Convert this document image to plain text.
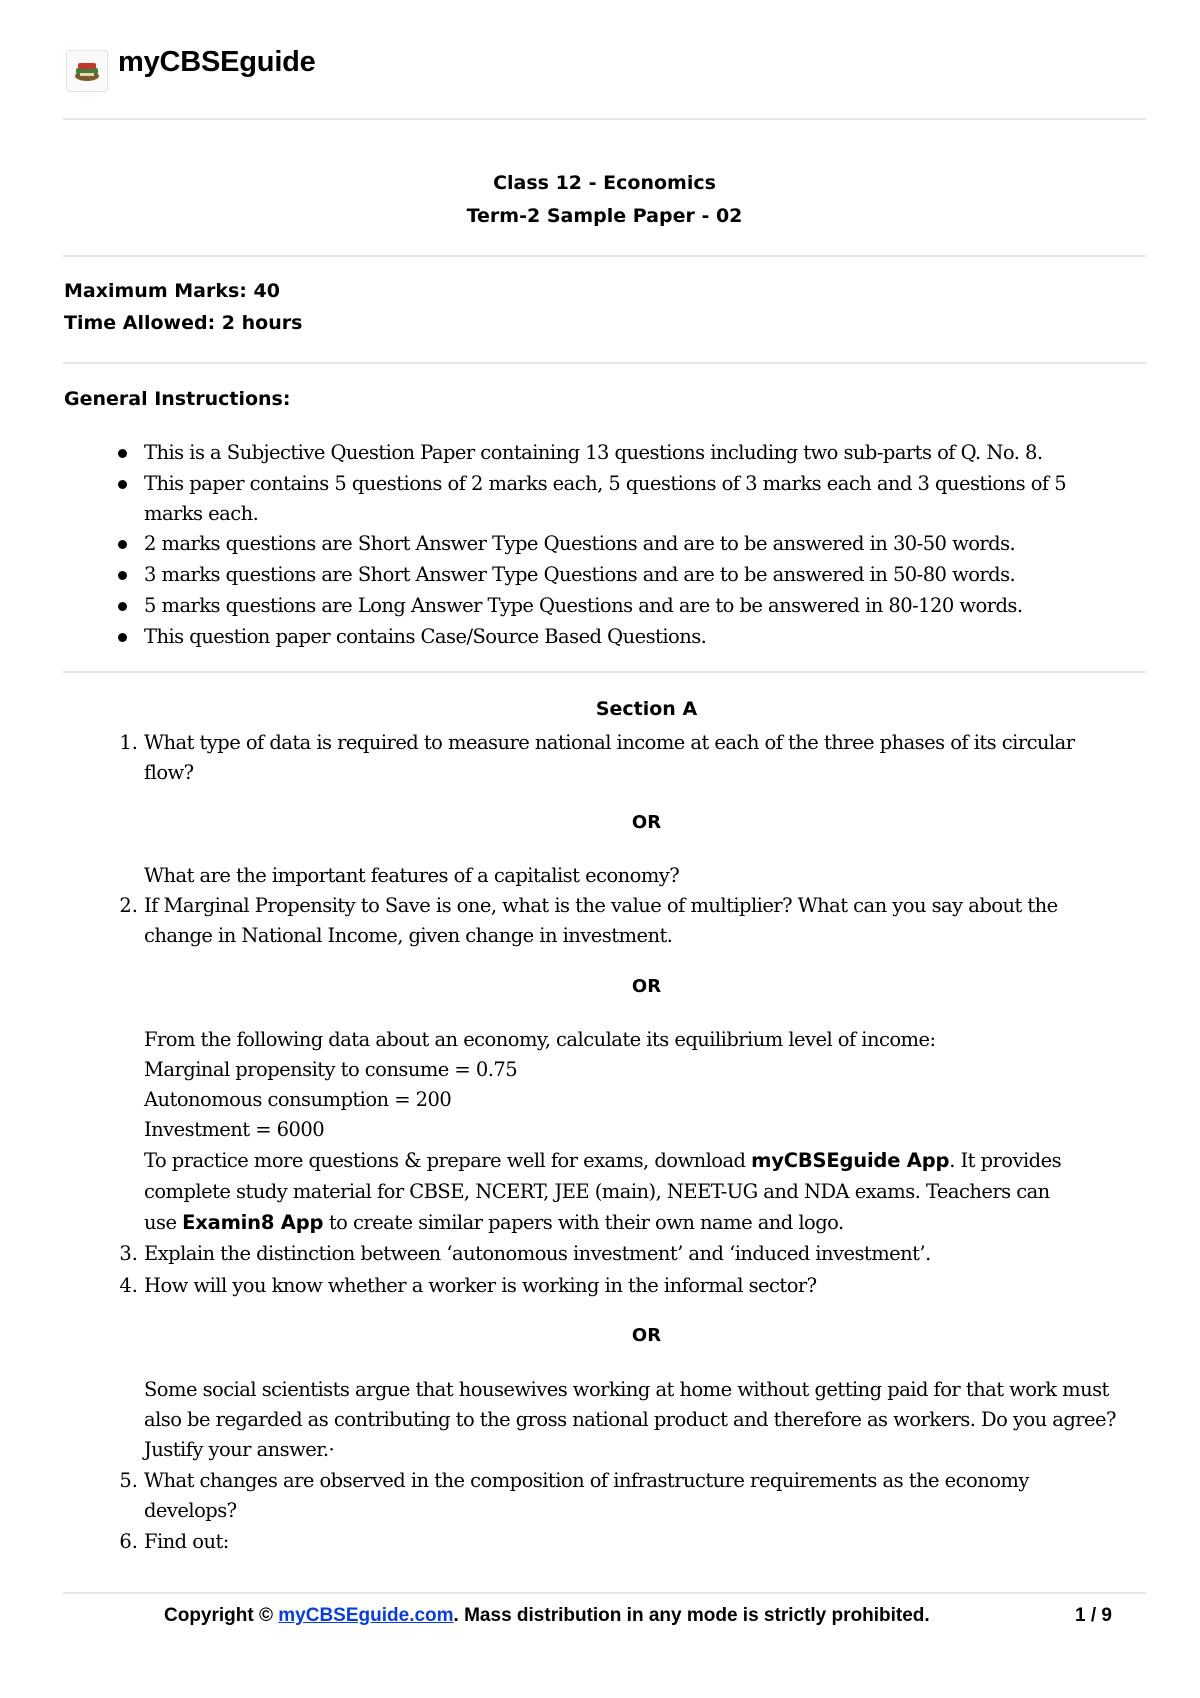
myCBSEguide
Class 12 - Economics
Term-2 Sample Paper - 02
Maximum Marks: 40
Time Allowed: 2 hours
General Instructions:
This is a Subjective Question Paper containing 13 questions including two sub-parts of Q. No. 8.
This paper contains 5 questions of 2 marks each, 5 questions of 3 marks each and 3 questions of 5
marks each.
2 marks questions are Short Answer Type Questions and are to be answered in 30-50 words.
3 marks questions are Short Answer Type Questions and are to be answered in 50-80 words.
5 marks questions are Long Answer Type Questions and are to be answered in 80-120 words.
This question paper contains Case/Source Based Questions.
Section A
1. What type of data is required to measure national income at each of the three phases of its circular
flow?
OR
What are the important features of a capitalist economy?
2. If Marginal Propensity to Save is one, what is the value of multiplier? What can you say about the
change in National Income, given change in investment.
OR
From the following data about an economy, calculate its equilibrium level of income:
Marginal propensity to consume = 0.75
Autonomous consumption = 200
Investment = 6000
To practice more questions & prepare well for exams, download myCBSEguide App. It provides
complete study material for CBSE, NCERT, JEE (main), NEET-UG and NDA exams. Teachers can
use Examin8 App to create similar papers with their own name and logo.
3. Explain the distinction between ‘autonomous investment’ and ‘induced investment’.
4. How will you know whether a worker is working in the informal sector?
OR
Some social scientists argue that housewives working at home without getting paid for that work must
also be regarded as contributing to the gross national product and therefore as workers. Do you agree?
Justify your answer.·
5. What changes are observed in the composition of infrastructure requirements as the economy
develops?
6. Find out:
Copyright © myCBSEguide.com. Mass distribution in any mode is strictly prohibited.	1 / 9
